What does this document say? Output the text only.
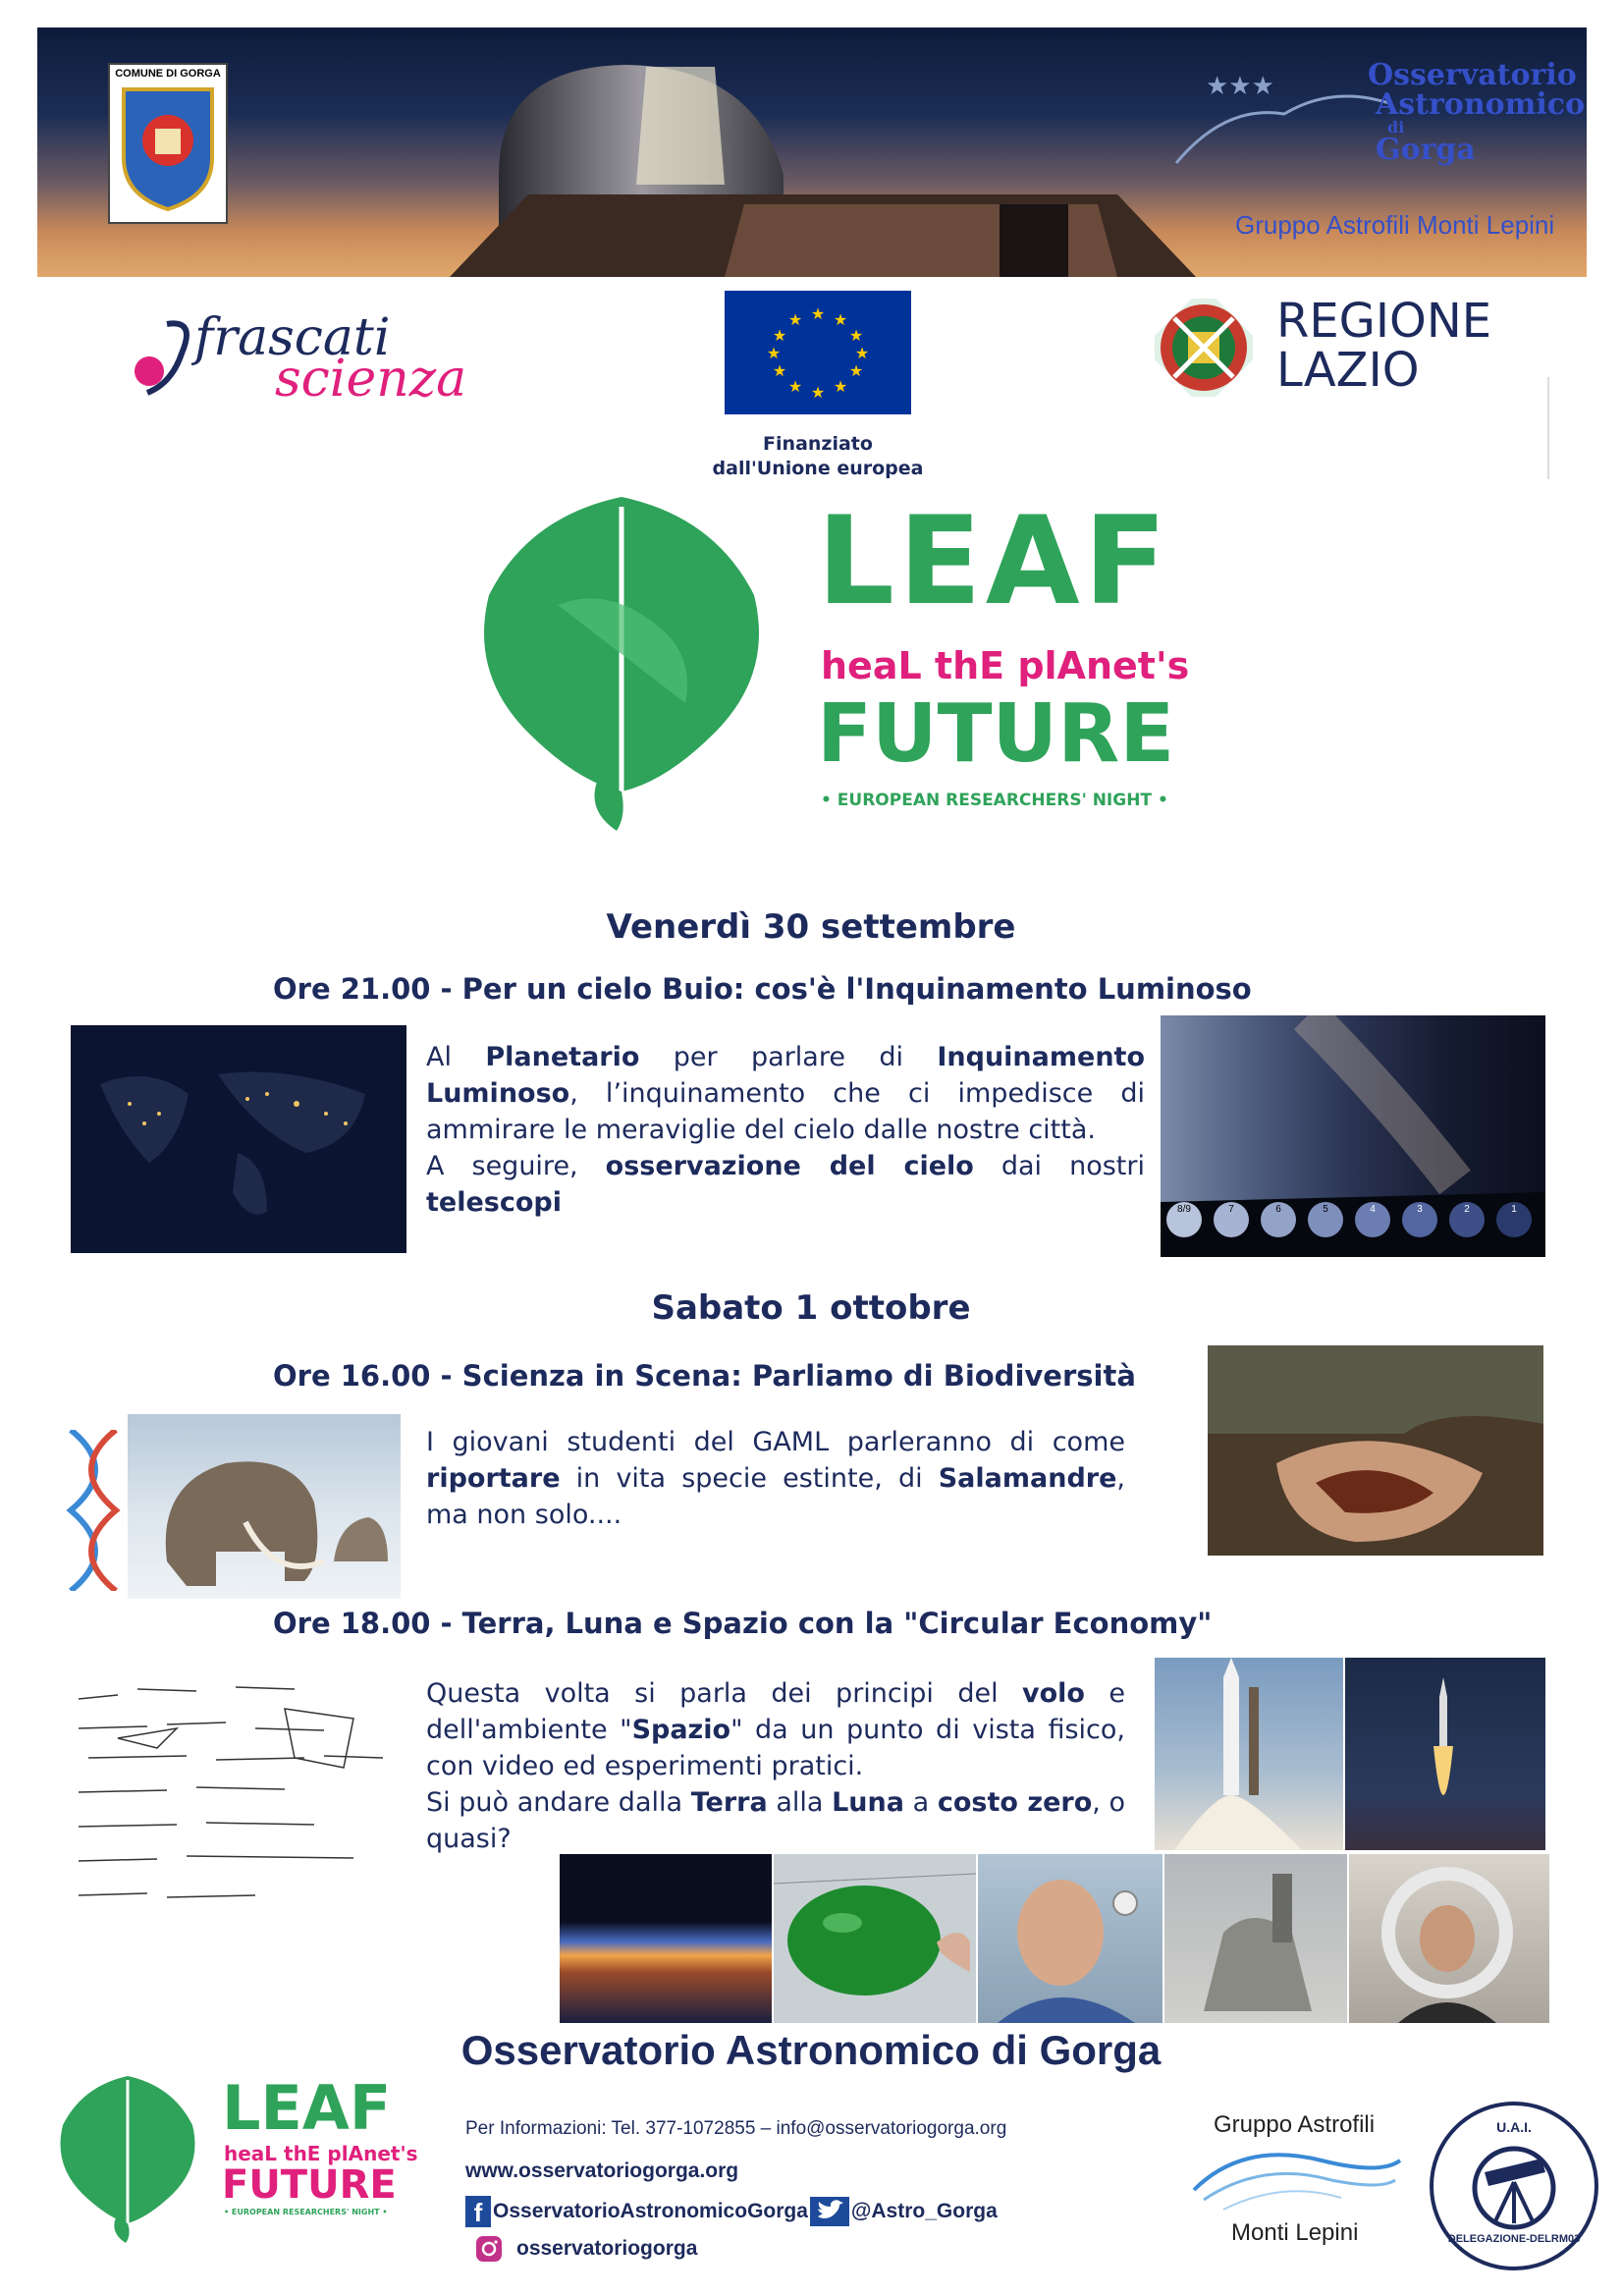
COMUNE DI GORGA	★★★	Osservatorio
Astronomico
di
Gorga
Gruppo Astrofili Monti Lepini
frascati
scienza
★ ★
★
★
★
★
★
★
★
★
★
★
Finanziato
dall'Unione europea
REGIONE
LAZIO
LEAF
heaL thE plAnet's
FUTURE
• EUROPEAN RESEARCHERS' NIGHT •
Venerdì 30 settembre
Ore 21.00 - Per un cielo Buio: cos'è l'Inquinamento Luminoso
Al Planetario per parlare di Inquinamento Luminoso, l’inquinamento che ci impedisce di ammirare le meraviglie del cielo dalle nostre città.
A seguire, osservazione del cielo dai nostri telescopi	8/9	7	6	5	4	3	2	1
Sabato 1 ottobre
Ore 16.00 - Scienza in Scena: Parliamo di Biodiversità
I giovani studenti del GAML parleranno di come riportare in vita specie estinte, di Salamandre, ma non solo....
Ore 18.00 - Terra, Luna e Spazio con la "Circular Economy"
Questa volta si parla dei principi del volo e dell'ambiente "Spazio" da un punto di vista fisico, con video ed esperimenti pratici.
Si può andare dalla Terra alla Luna a costo zero, o quasi?
Osservatorio Astronomico di Gorga
LEAF
heaL thE plAnet's
FUTURE
• EUROPEAN RESEARCHERS' NIGHT •
Per Informazioni: Tel. 377-1072855 – info@osservatoriogorga.org
www.osservatoriogorga.org
f OsservatorioAstronomicoGorga @Astro_Gorga
osservatoriogorga
Gruppo Astrofili
Monti Lepini
U.A.I.
DELEGAZIONE-DELRM03
